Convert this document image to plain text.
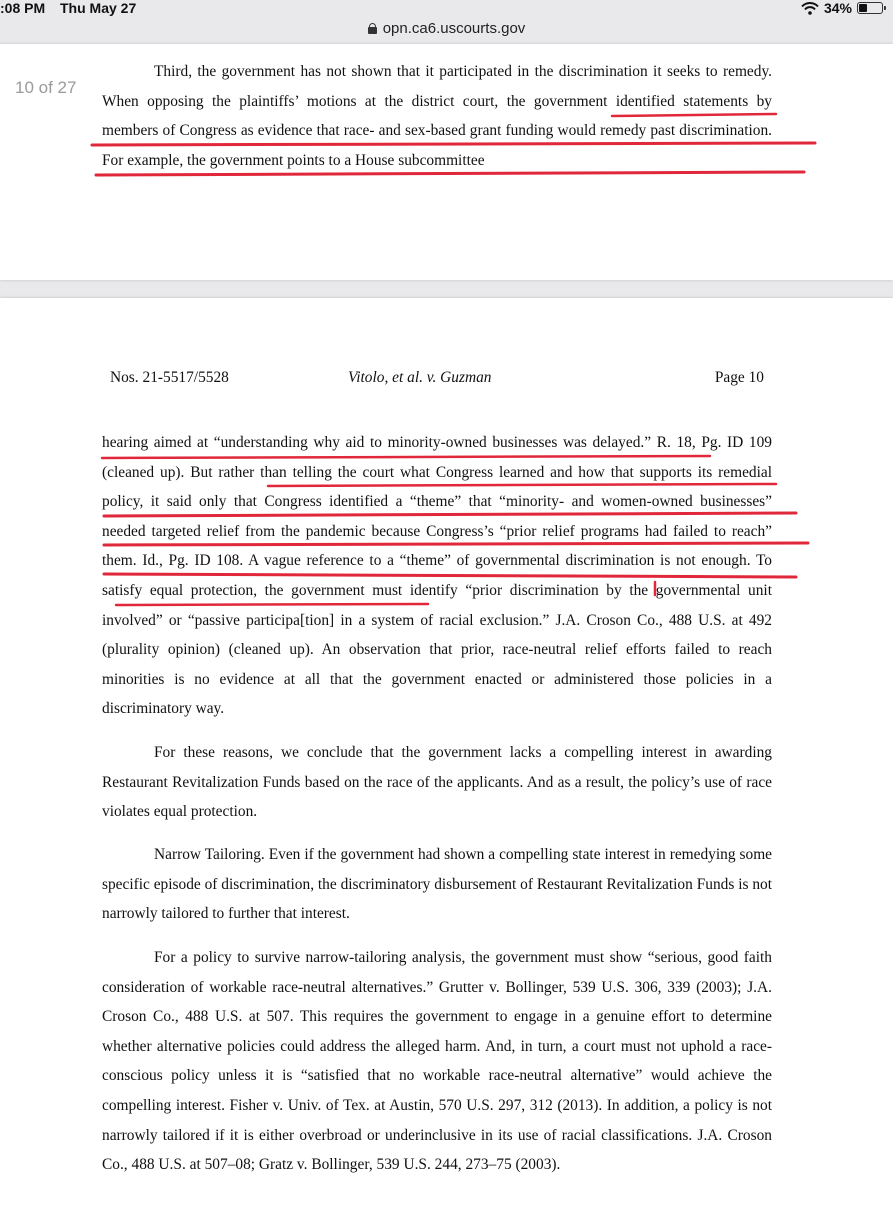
:08 PM Thu May 27	34%
opn.ca6.uscourts.gov
10 of 27

Third, the government has not shown that it participated in the discrimination it seeks to remedy. When opposing the plaintiffs’ motions at the district court, the government identified statements by members of Congress as evidence that race- and sex-based grant funding would remedy past discrimination. For example, the government points to a House subcommittee

Nos. 21-5517/5528	Vitolo, et al. v. Guzman	Page 10

hearing aimed at “understanding why aid to minority-owned businesses was delayed.” R. 18, Pg. ID 109 (cleaned up). But rather than telling the court what Congress learned and how that supports its remedial policy, it said only that Congress identified a “theme” that “minority- and women-owned businesses” needed targeted relief from the pandemic because Congress’s “prior relief programs had failed to reach” them. Id., Pg. ID 108. A vague reference to a “theme” of governmental discrimination is not enough. To satisfy equal protection, the government must identify “prior discrimination by the governmental unit involved” or “passive participa[tion] in a system of racial exclusion.” J.A. Croson Co., 488 U.S. at 492 (plurality opinion) (cleaned up). An observation that prior, race-neutral relief efforts failed to reach minorities is no evidence at all that the government enacted or administered those policies in a discriminatory way.

For these reasons, we conclude that the government lacks a compelling interest in awarding Restaurant Revitalization Funds based on the race of the applicants. And as a result, the policy’s use of race violates equal protection.

Narrow Tailoring. Even if the government had shown a compelling state interest in remedying some specific episode of discrimination, the discriminatory disbursement of Restaurant Revitalization Funds is not narrowly tailored to further that interest.

For a policy to survive narrow-tailoring analysis, the government must show “serious, good faith consideration of workable race-neutral alternatives.” Grutter v. Bollinger, 539 U.S. 306, 339 (2003); J.A. Croson Co., 488 U.S. at 507. This requires the government to engage in a genuine effort to determine whether alternative policies could address the alleged harm. And, in turn, a court must not uphold a race-conscious policy unless it is “satisfied that no workable race-neutral alternative” would achieve the compelling interest. Fisher v. Univ. of Tex. at Austin, 570 U.S. 297, 312 (2013). In addition, a policy is not narrowly tailored if it is either overbroad or underinclusive in its use of racial classifications. J.A. Croson Co., 488 U.S. at 507–08; Gratz v. Bollinger, 539 U.S. 244, 273–75 (2003).
